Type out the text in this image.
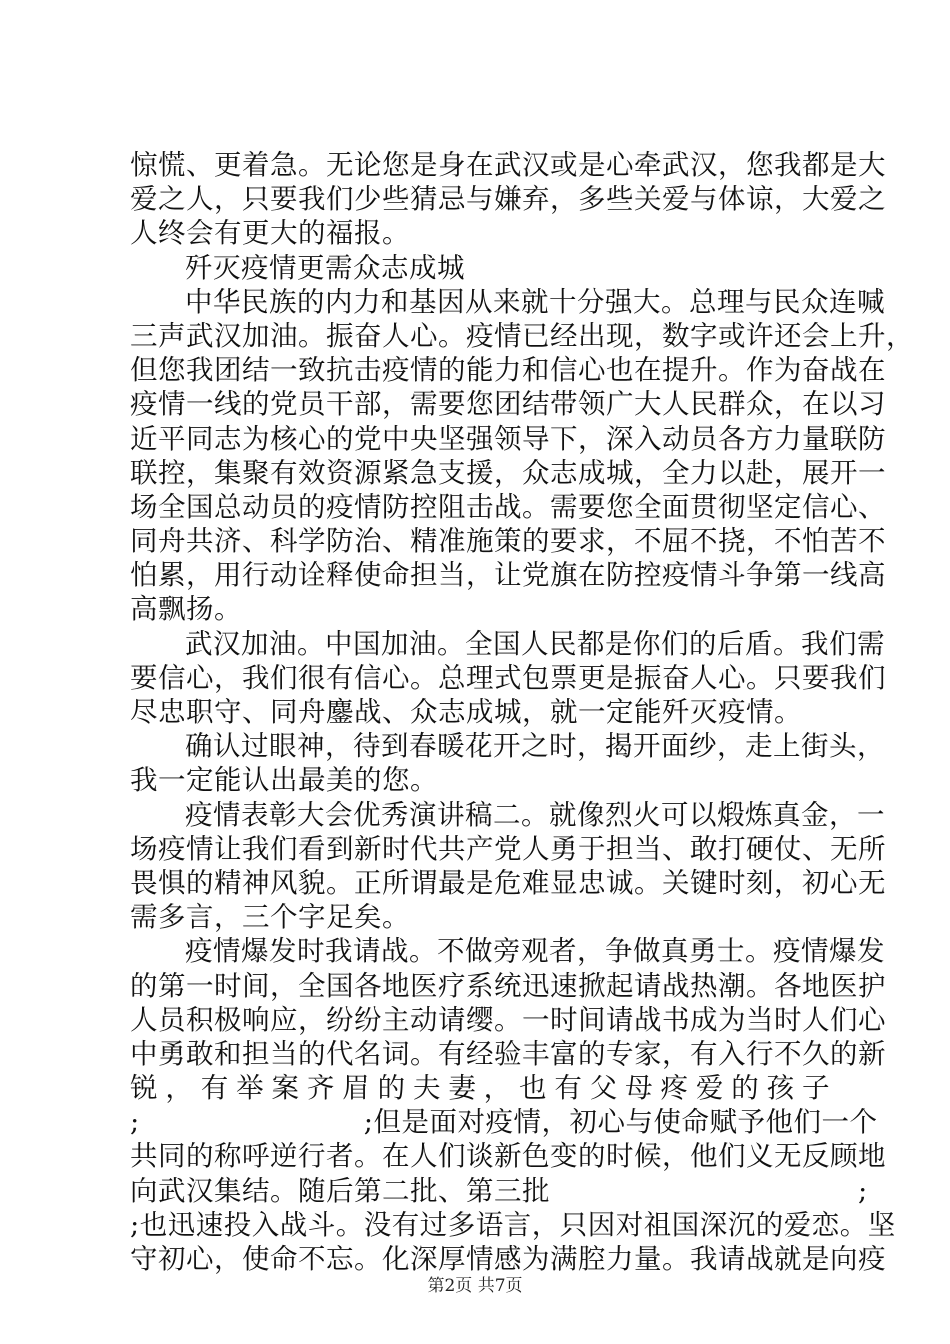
惊慌、更着急。无论您是身在武汉或是心牵武汉，您我都是大
爱之人，只要我们少些猜忌与嫌弃，多些关爱与体谅，大爱之
人终会有更大的福报。
歼灭疫情更需众志成城
中华民族的内力和基因从来就十分强大。总理与民众连喊
三声武汉加油。振奋人心。疫情已经出现，数字或许还会上升，
但您我团结一致抗击疫情的能力和信心也在提升。作为奋战在
疫情一线的党员干部，需要您团结带领广大人民群众，在以习
近平同志为核心的党中央坚强领导下，深入动员各方力量联防
联控，集聚有效资源紧急支援，众志成城，全力以赴，展开一
场全国总动员的疫情防控阻击战。需要您全面贯彻坚定信心、
同舟共济、科学防治、精准施策的要求，不屈不挠，不怕苦不
怕累，用行动诠释使命担当，让党旗在防控疫情斗争第一线高
高飘扬。
武汉加油。中国加油。全国人民都是你们的后盾。我们需
要信心，我们很有信心。总理式包票更是振奋人心。只要我们
尽忠职守、同舟鏖战、众志成城，就一定能歼灭疫情。
确认过眼神，待到春暖花开之时，揭开面纱，走上街头，
我一定能认出最美的您。
疫情表彰大会优秀演讲稿二。就像烈火可以煅炼真金，一
场疫情让我们看到新时代共产党人勇于担当、敢打硬仗、无所
畏惧的精神风貌。正所谓最是危难显忠诚。关键时刻，初心无
需多言，三个字足矣。
疫情爆发时我请战。不做旁观者，争做真勇士。疫情爆发
的第一时间，全国各地医疗系统迅速掀起请战热潮。各地医护
人员积极响应，纷纷主动请缨。一时间请战书成为当时人们心
中勇敢和担当的代名词。有经验丰富的专家，有入行不久的新
锐，有举案齐眉的夫妻，也有父母疼爱的孩子
;　　　　　　　　;但是面对疫情，初心与使命赋予他们一个
共同的称呼逆行者。在人们谈新色变的时候，他们义无反顾地
向武汉集结。随后第二批、第三批　　　　　　　　　　　;
;也迅速投入战斗。没有过多语言，只因对祖国深沉的爱恋。坚
守初心，使命不忘。化深厚情感为满腔力量。我请战就是向疫
第2页 共7页
